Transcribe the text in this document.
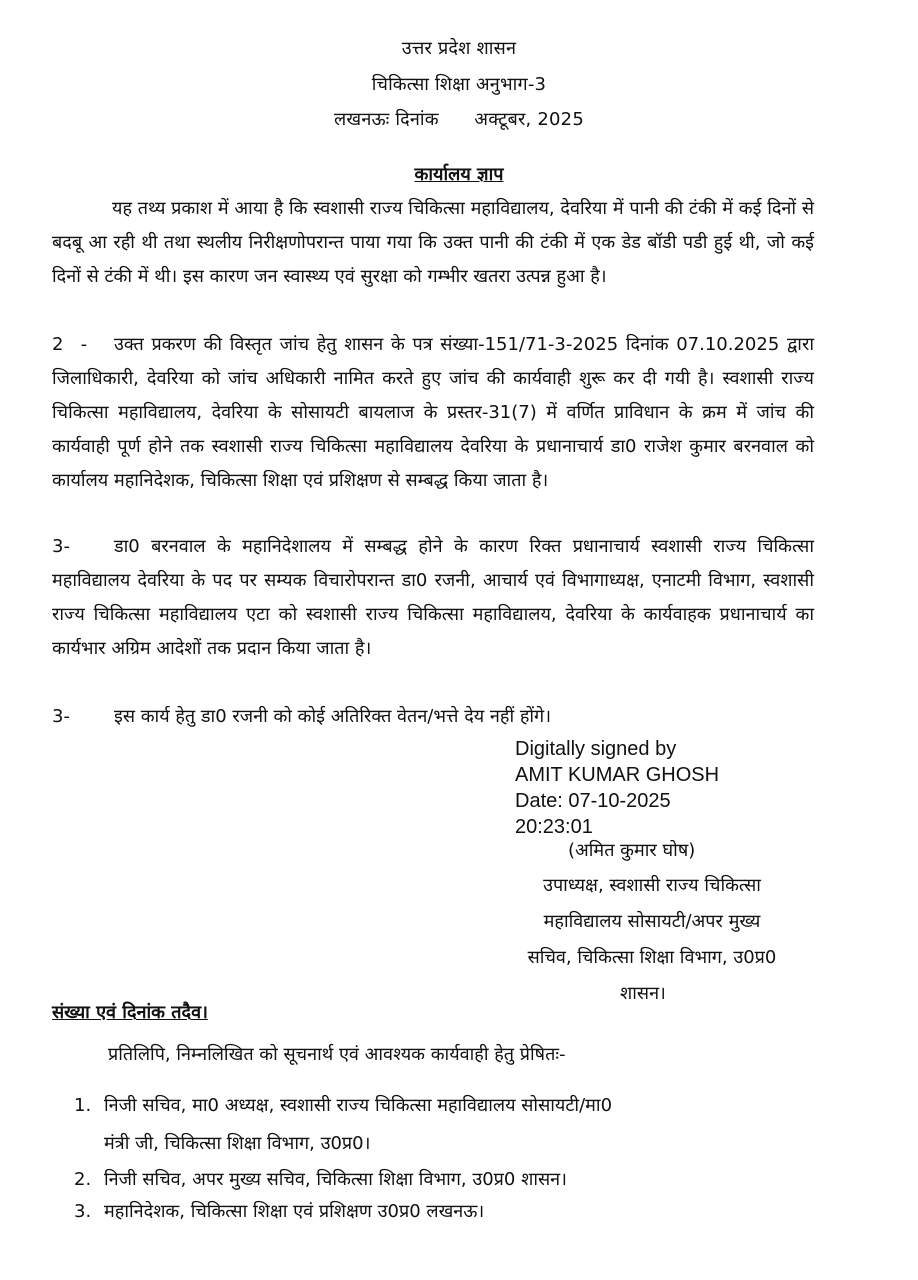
उत्तर प्रदेश शासन
चिकित्सा शिक्षा अनुभाग-3
लखनऊः दिनांक      अक्टूबर, 2025
कार्यालय ज्ञाप
यह तथ्य प्रकाश में आया है कि स्वशासी राज्य चिकित्सा महाविद्यालय, देवरिया में पानी की टंकी में कई दिनों से बदबू आ रही थी तथा स्थलीय निरीक्षणोपरान्त पाया गया कि उक्त पानी की टंकी में एक डेड बॉडी पडी हुई थी, जो कई दिनों से टंकी में थी। इस कारण जन स्वास्थ्य एवं सुरक्षा को गम्भीर खतरा उत्पन्न हुआ है।
2   - उक्त प्रकरण की विस्तृत जांच हेतु शासन के पत्र संख्या-151/71-3-2025 दिनांक 07.10.2025 द्वारा जिलाधिकारी, देवरिया को जांच अधिकारी नामित करते हुए जांच की कार्यवाही शुरू कर दी गयी है। स्वशासी राज्य चिकित्सा महाविद्यालय, देवरिया के सोसायटी बायलाज के प्रस्तर-31(7) में वर्णित प्राविधान के क्रम में जांच की कार्यवाही पूर्ण होने तक स्वशासी राज्य चिकित्सा महाविद्यालय देवरिया के प्रधानाचार्य डा0 राजेश कुमार बरनवाल को कार्यालय महानिदेशक, चिकित्सा शिक्षा एवं प्रशिक्षण से सम्बद्ध किया जाता है।
3- डा0 बरनवाल के महानिदेशालय में सम्बद्ध होने के कारण रिक्त प्रधानाचार्य स्वशासी राज्य चिकित्सा महाविद्यालय देवरिया के पद पर सम्यक विचारोपरान्त डा0 रजनी, आचार्य एवं विभागाध्यक्ष, एनाटमी विभाग, स्वशासी राज्य चिकित्सा महाविद्यालय एटा को स्वशासी राज्य चिकित्सा महाविद्यालय, देवरिया के कार्यवाहक प्रधानाचार्य का कार्यभार अग्रिम आदेशों तक प्रदान किया जाता है।
3- इस कार्य हेतु डा0 रजनी को कोई अतिरिक्त वेतन/भत्ते देय नहीं होंगे।
Digitally signed by
AMIT KUMAR GHOSH
Date: 07-10-2025
20:23:01
(अमित कुमार घोष)
उपाध्यक्ष, स्वशासी राज्य चिकित्सा
महाविद्यालय सोसायटी/अपर मुख्य
सचिव, चिकित्सा शिक्षा विभाग, उ0प्र0
शासन।
संख्या एवं दिनांक तदैव।
प्रतिलिपि, निम्नलिखित को सूचनार्थ एवं आवश्यक कार्यवाही हेतु प्रेषितः-
1. निजी सचिव, मा0 अध्यक्ष, स्वशासी राज्य चिकित्सा महाविद्यालय सोसायटी/मा0
मंत्री जी, चिकित्सा शिक्षा विभाग, उ0प्र0।
2. निजी सचिव, अपर मुख्य सचिव, चिकित्सा शिक्षा विभाग, उ0प्र0 शासन।
3. महानिदेशक, चिकित्सा शिक्षा एवं प्रशिक्षण उ0प्र0 लखनऊ।
